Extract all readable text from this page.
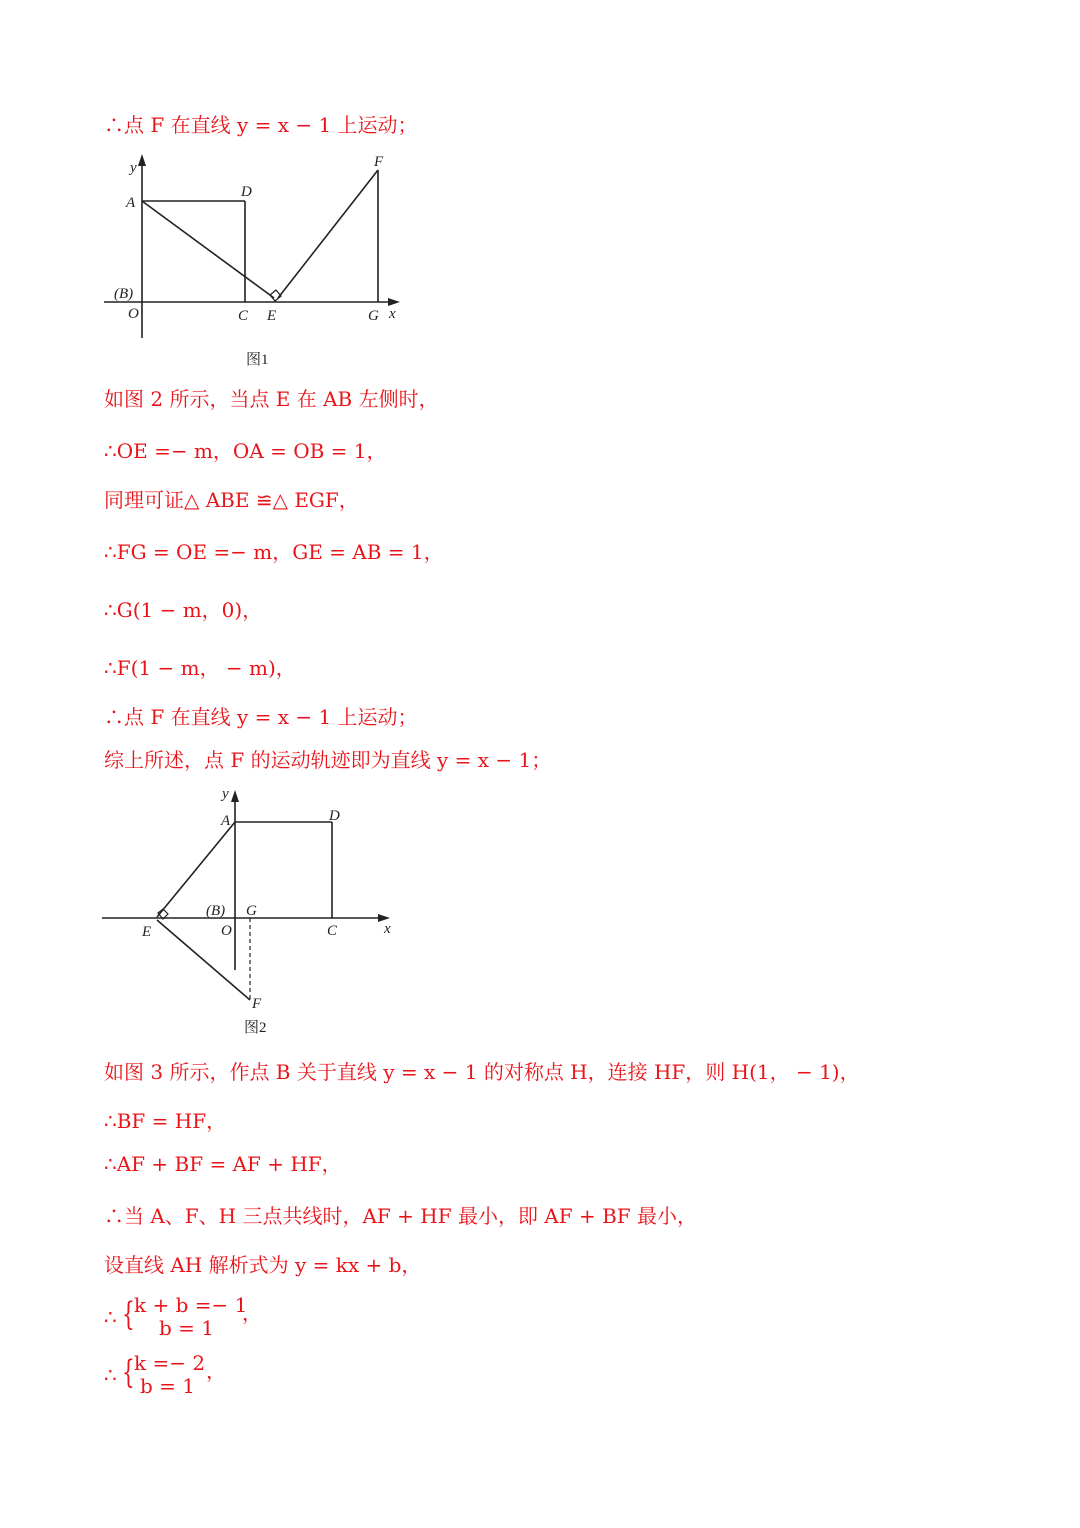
∴点 F 在直线 y = x − 1 上运动；
y
A
D
F
(B)
O	C E	G x
图1
如图 2 所示，当点 E 在 AB 左侧时，
∴OE =− m，OA = OB = 1，
同理可证△ ABE ≌△ EGF，
∴FG = OE =− m，GE = AB = 1，
∴G(1 − m，0)，
∴F(1 − m， − m)，
∴点 F 在直线 y = x − 1 上运动；
综上所述，点 F 的运动轨迹即为直线 y = x − 1；
y
A	D
(B) G
E	O	C	x
F
图2
如图 3 所示，作点 B 关于直线 y = x − 1 的对称点 H，连接 HF，则 H(1， − 1)，
∴BF = HF，
∴AF + BF = AF + HF，
∴当 A、F、H 三点共线时，AF + HF 最小，即 AF + BF 最小，
设直线 AH 解析式为 y = kx + b，
∴ { k + b =− 1
b = 1
，
∴ { k =− 2
b = 1
，
